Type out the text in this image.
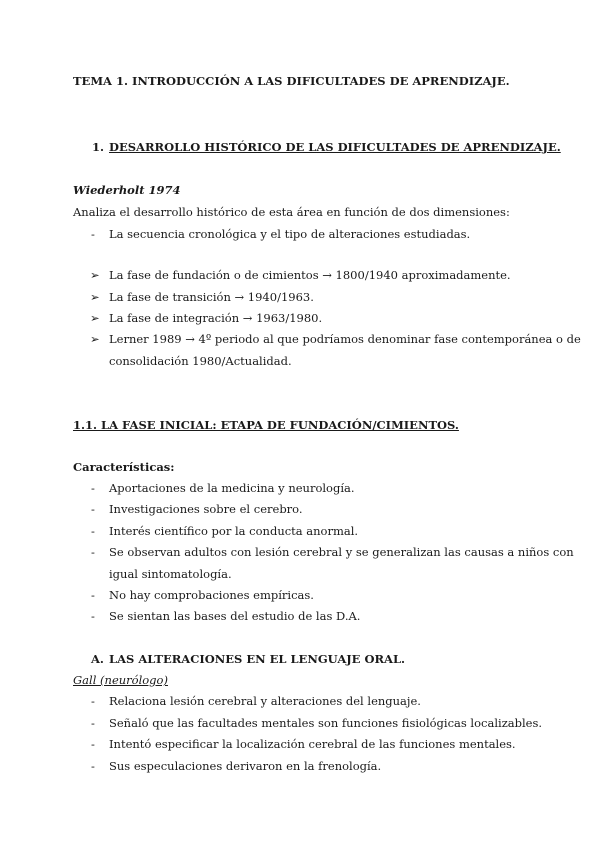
TEMA 1. INTRODUCCIÓN A LAS DIFICULTADES DE APRENDIZAJE.
1. DESARROLLO HISTÓRICO DE LAS DIFICULTADES DE APRENDIZAJE.
Wiederholt 1974
Analiza el desarrollo histórico de esta área en función de dos dimensiones:
- La secuencia cronológica y el tipo de alteraciones estudiadas.
➢ La fase de fundación o de cimientos → 1800/1940 aproximadamente.
➢ La fase de transición → 1940/1963.
➢ La fase de integración → 1963/1980.
➢ Lerner 1989 → 4º periodo al que podríamos denominar fase contemporánea o de
consolidación 1980/Actualidad.
1.1. LA FASE INICIAL: ETAPA DE FUNDACIÓN/CIMIENTOS.
Características:
- Aportaciones de la medicina y neurología.
- Investigaciones sobre el cerebro.
- Interés científico por la conducta anormal.
- Se observan adultos con lesión cerebral y se generalizan las causas a niños con
igual sintomatología.
- No hay comprobaciones empíricas.
- Se sientan las bases del estudio de las D.A.
A. LAS ALTERACIONES EN EL LENGUAJE ORAL.
Gall (neurólogo)
- Relaciona lesión cerebral y alteraciones del lenguaje.
- Señaló que las facultades mentales son funciones fisiológicas localizables.
- Intentó especificar la localización cerebral de las funciones mentales.
- Sus especulaciones derivaron en la frenología.
